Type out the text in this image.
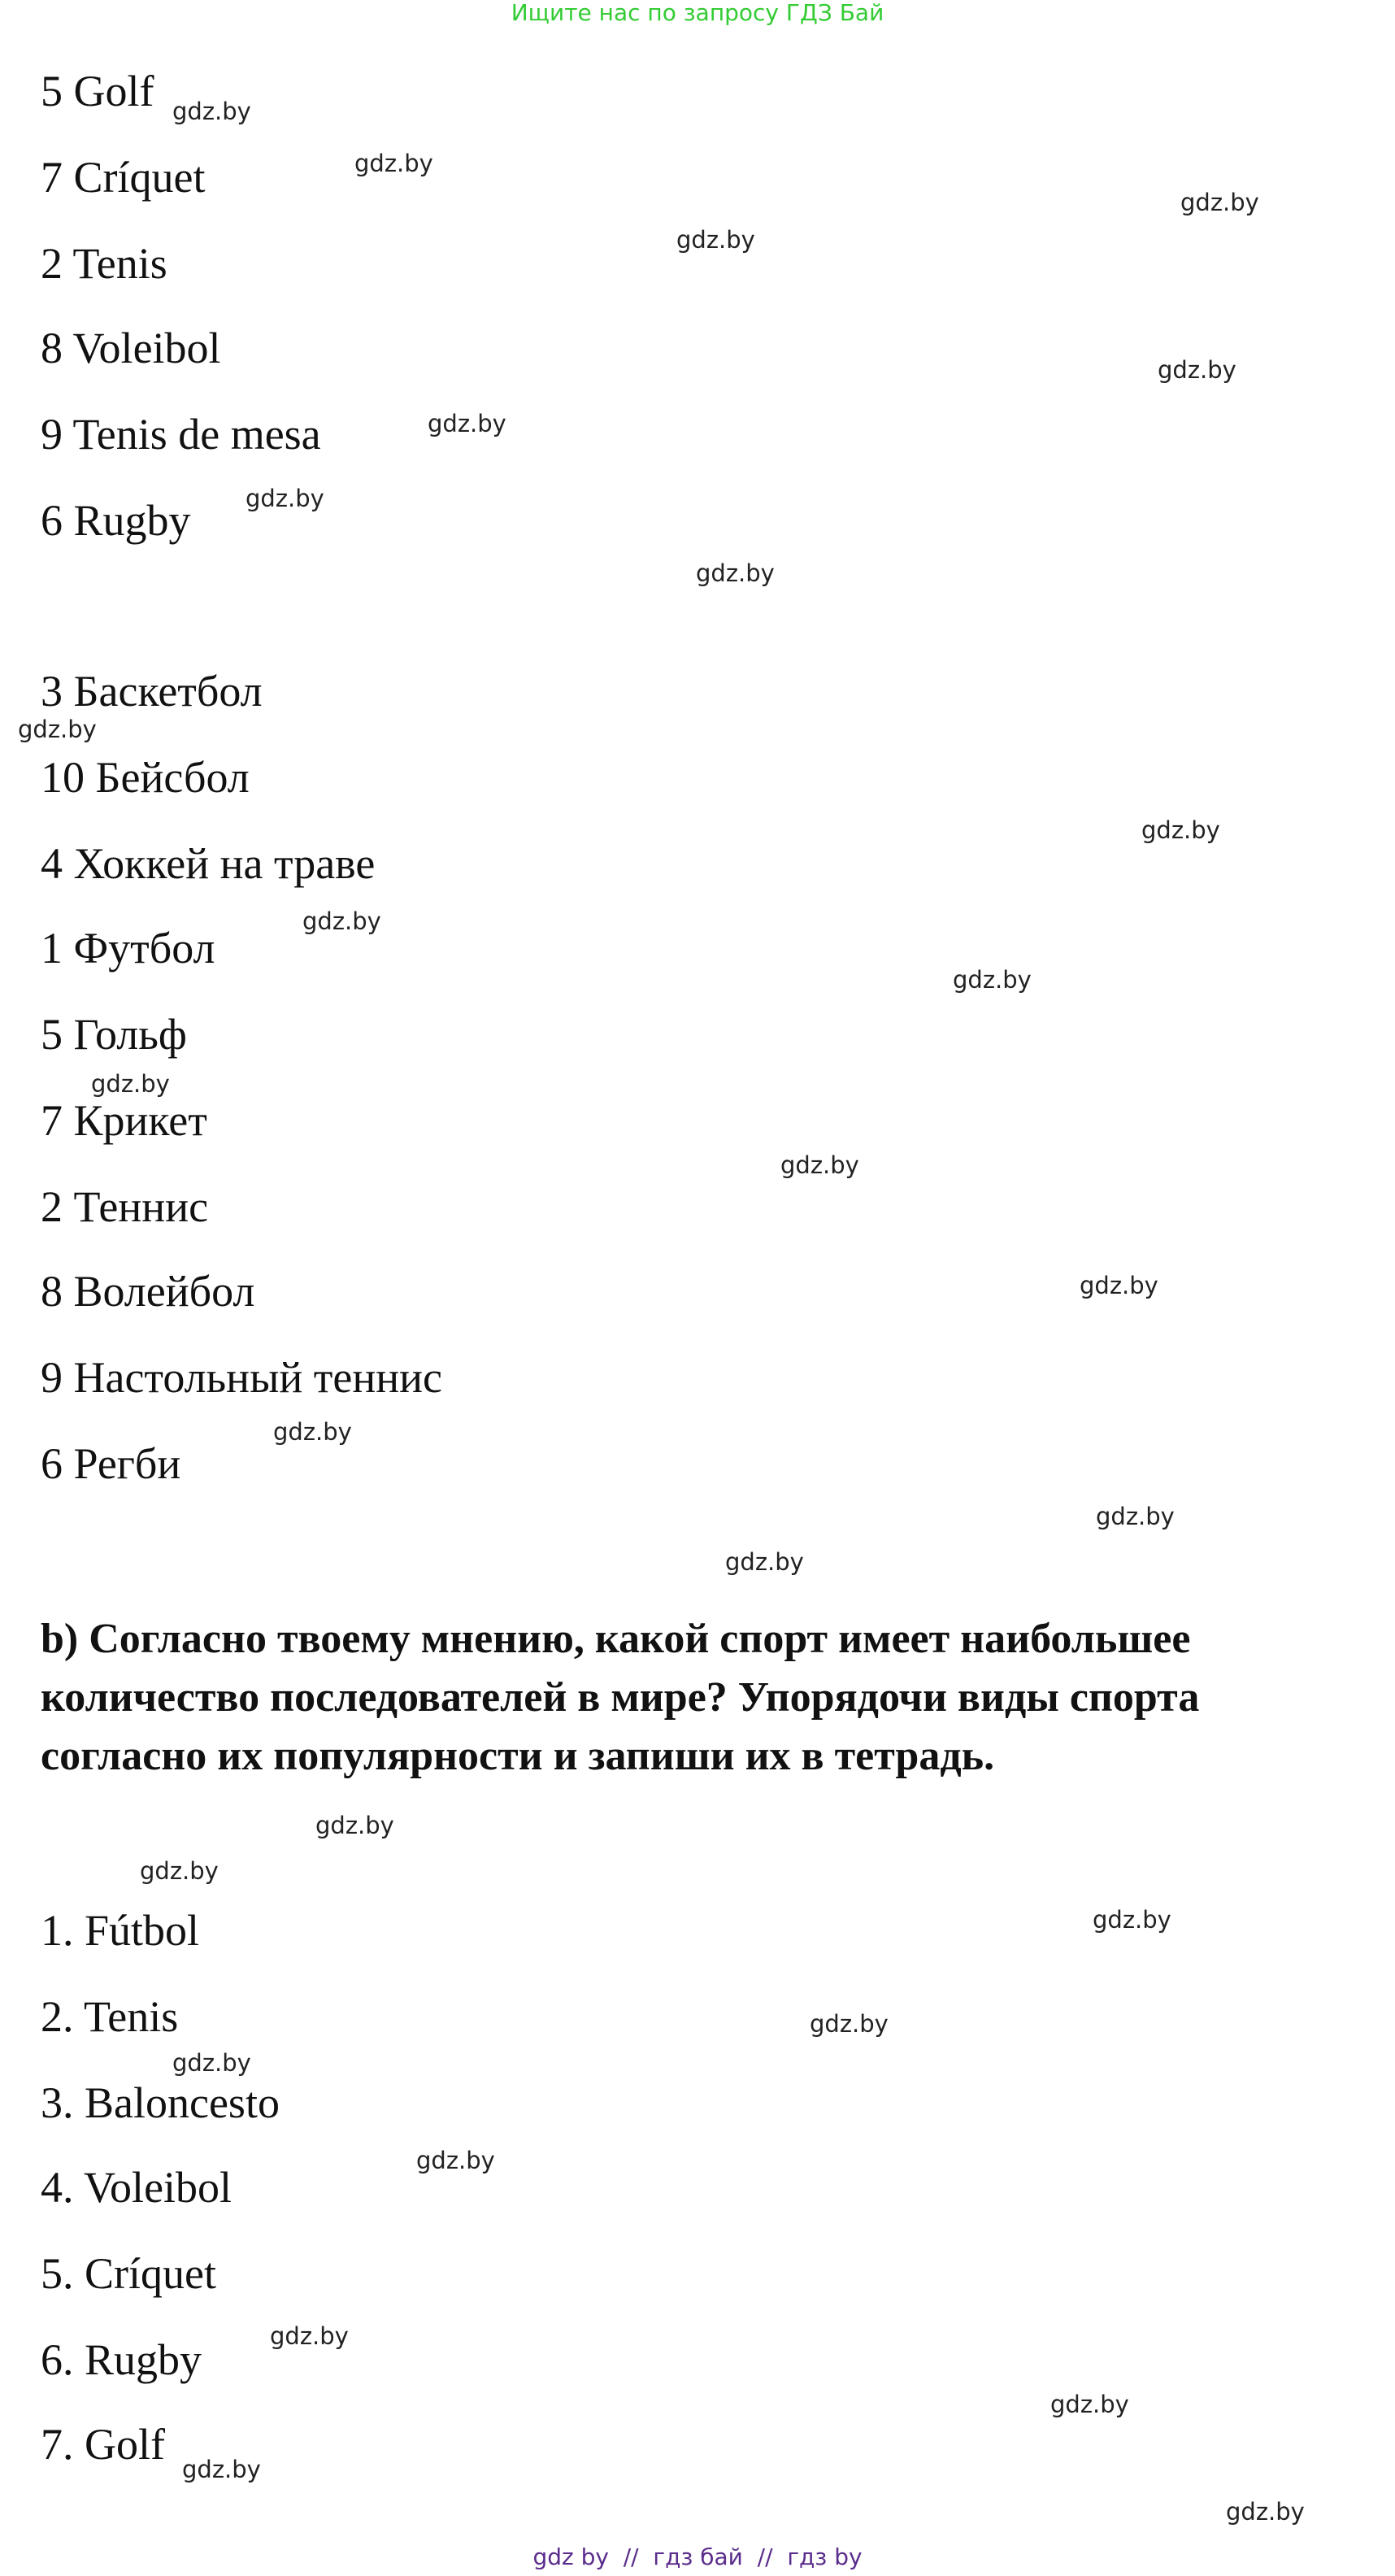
Ищите нас по запросу ГДЗ Бай
5 Golf
7 Críquet
2 Tenis
8 Voleibol
9 Tenis de mesa
6 Rugby
3 Баскетбол
10 Бейсбол
4 Хоккей на траве
1 Футбол
5 Гольф
7 Крикет
2 Теннис
8 Волейбол
9 Настольный теннис
6 Регби
b) Согласно твоему мнению, какой спорт имеет наибольшее количество последователей в мире? Упорядочи виды спорта согласно их популярности и запиши их в тетрадь.
1. Fútbol
2. Tenis
3. Baloncesto
4. Voleibol
5. Críquet
6. Rugby
7. Golf
gdz.by
gdz.by
gdz.by
gdz.by
gdz.by
gdz.by
gdz.by
gdz.by
gdz.by
gdz.by
gdz.by
gdz.by
gdz.by
gdz.by
gdz.by
gdz.by
gdz.by
gdz.by
gdz.by
gdz.by
gdz.by
gdz.by
gdz.by
gdz.by
gdz.by
gdz.by
gdz.by
gdz.by
gdz by  //  гдз бай  //  гдз by
